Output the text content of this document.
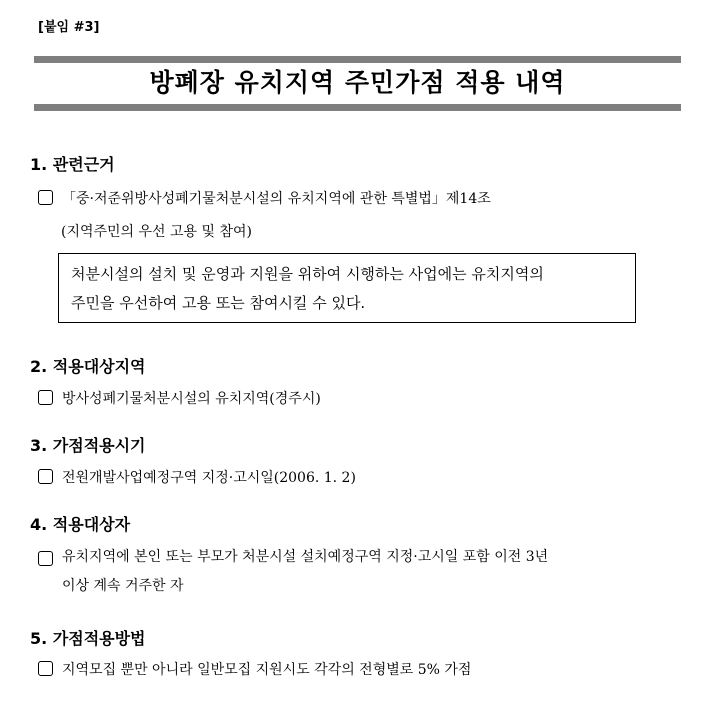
[붙임 #3]
방폐장 유치지역 주민가점 적용 내역
1. 관련근거
「중·저준위방사성폐기물처분시설의 유치지역에 관한 특별법」제14조
(지역주민의 우선 고용 및 참여)
처분시설의 설치 및 운영과 지원을 위하여 시행하는 사업에는 유치지역의
주민을 우선하여 고용 또는 참여시킬 수 있다.
2. 적용대상지역
방사성폐기물처분시설의 유치지역(경주시)
3. 가점적용시기
전원개발사업예정구역 지정·고시일(2006. 1. 2)
4. 적용대상자
유치지역에 본인 또는 부모가 처분시설 설치예정구역 지정·고시일 포함 이전 3년
이상 계속 거주한 자
5. 가점적용방법
지역모집 뿐만 아니라 일반모집 지원시도 각각의 전형별로 5% 가점
